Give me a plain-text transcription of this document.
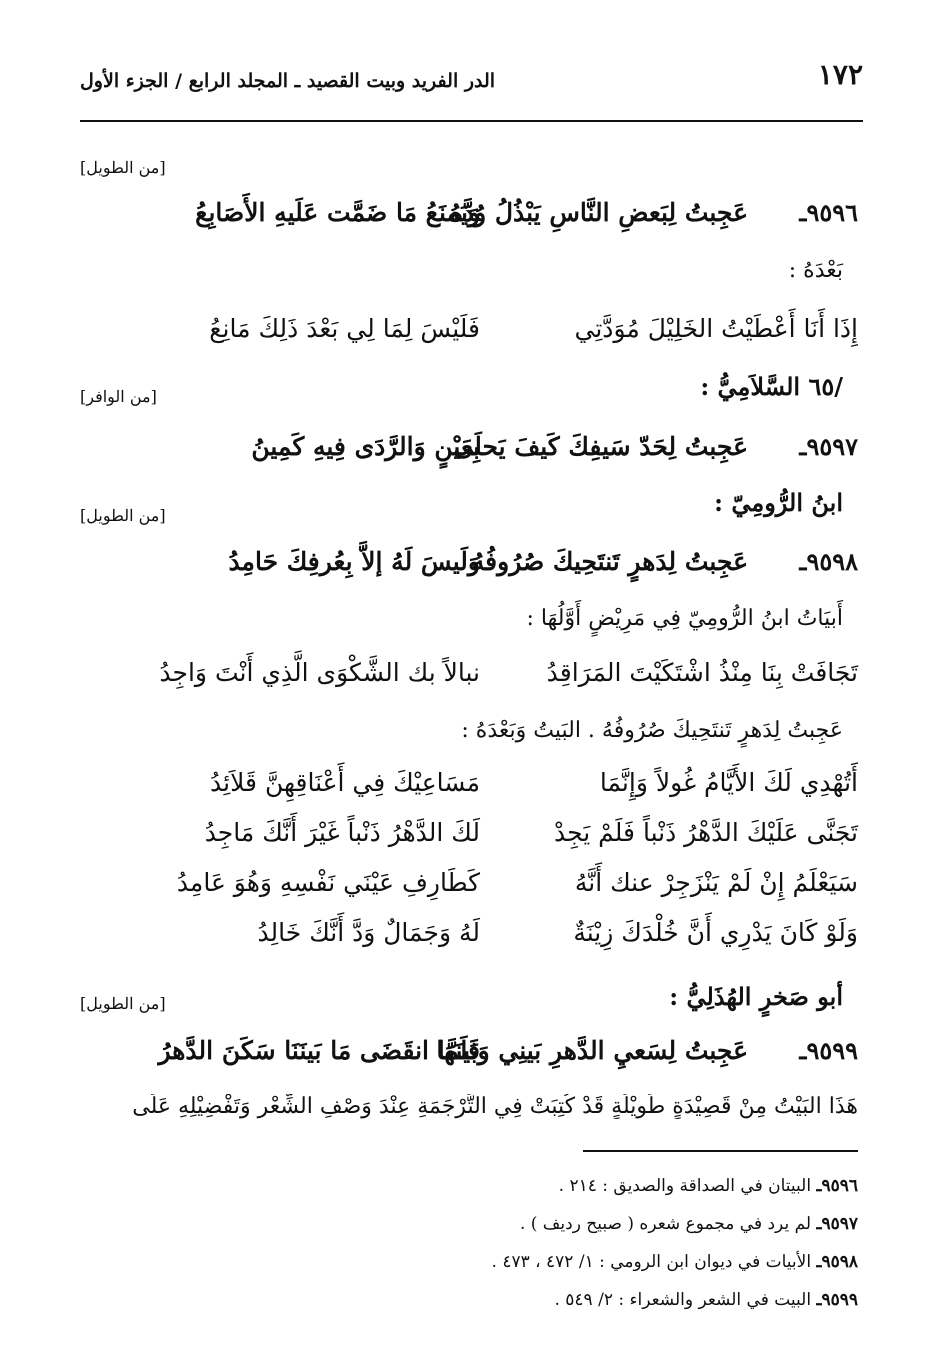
١٧٢
الدر الفريد وبيت القصيد ـ المجلد الرابع / الجزء الأول
[من الطويل]
٩٥٩٦ـ
عَجِبتُ لِبَعضِ النَّاسِ يَبْذُلُ وُدَّهُ
وَيَمنَعُ مَا ضَمَّت عَلَيهِ الأَصَابِعُ
بَعْدَهُ :
إِذَا أَنَا أَعْطَيْتُ الخَلِيْلَ مُوَدَّتِي
فَلَيْسَ لِمَا لِي بَعْدَ ذَلِكَ مَانِعُ
/٦٥ السَّلاَمِيُّ :
[من الوافر]
٩٥٩٧ـ
عَجِبتُ لِحَدّ سَيفِكَ كَيفَ يَحلَى
بِعَيْنٍ وَالرَّدَى فِيهِ كَمِينُ
ابنُ الرُّومِيّ :
[من الطويل]
٩٥٩٨ـ
عَجِبتُ لِدَهرٍ تَنتَحِيكَ صُرُوفُهُ
وَلَيسَ لَهُ إلاَّ بِعُرفِكَ حَامِدُ
أَبيَاتُ ابنُ الرُّومِيّ فِي مَرِيْضٍ أَوَّلُهَا :
تَجَافَتْ بِنَا مِنْذُ اشْتَكَيْتَ المَرَاقِدُ
نبالاً بك الشَّكْوَى الَّذِي أَنْتَ وَاجِدُ
عَجِبتُ لِدَهرٍ تَنتَحِيكَ صُرُوفُهُ . البَيتُ وَبَعْدَهُ :
أَتُهْدِي لَكَ الأَيَّامُ غُولاً وَإِنَّمَا
مَسَاعِيْكَ فِي أَعْنَاقِهِنَّ قَلاَئِدُ
تَجَنَّى عَلَيْكَ الدَّهْرُ ذَنْباً فَلَمْ يَجِدْ
لَكَ الدَّهْرُ ذَنْباً غَيْرَ أَنَّكَ مَاجِدُ
سَيَعْلَمُ إِنْ لَمْ يَنْزَجِرْ عنك أَنَّهُ
كَطَارِفِ عَيْنَي نَفْسِهِ وَهُوَ عَامِدُ
وَلَوْ كَانَ يَدْرِي أَنَّ خُلْدَكَ زِيْنَةٌ
لَهُ وَجَمَالٌ وَدَّ أَنَّكَ خَالِدُ
أبو صَخرٍ الهُذَلِيُّ :
[من الطويل]
٩٥٩٩ـ
عَجِبتُ لِسَعيِ الدَّهرِ بَينِي وَبَينَهَا
فَلَمَّا انقَضَى مَا بَينَنَا سَكَنَ الدَّهرُ
هَذَا البَيْتُ مِنْ قَصِيْدَةٍ طَوِيْلَةٍ قَدْ كُتِبَتْ فِي التَّرْجَمَةِ عِنْدَ وَصْفِ الشِّعْرِ وَتَفْضِيْلِهِ عَلَى
٩٥٩٦ـ البيتان في الصداقة والصديق : ٢١٤ .
٩٥٩٧ـ لم يرد في مجموع شعره ( صبيح رديف ) .
٩٥٩٨ـ الأبيات في ديوان ابن الرومي : ١/ ٤٧٢ ، ٤٧٣ .
٩٥٩٩ـ البيت في الشعر والشعراء : ٢/ ٥٤٩ .
